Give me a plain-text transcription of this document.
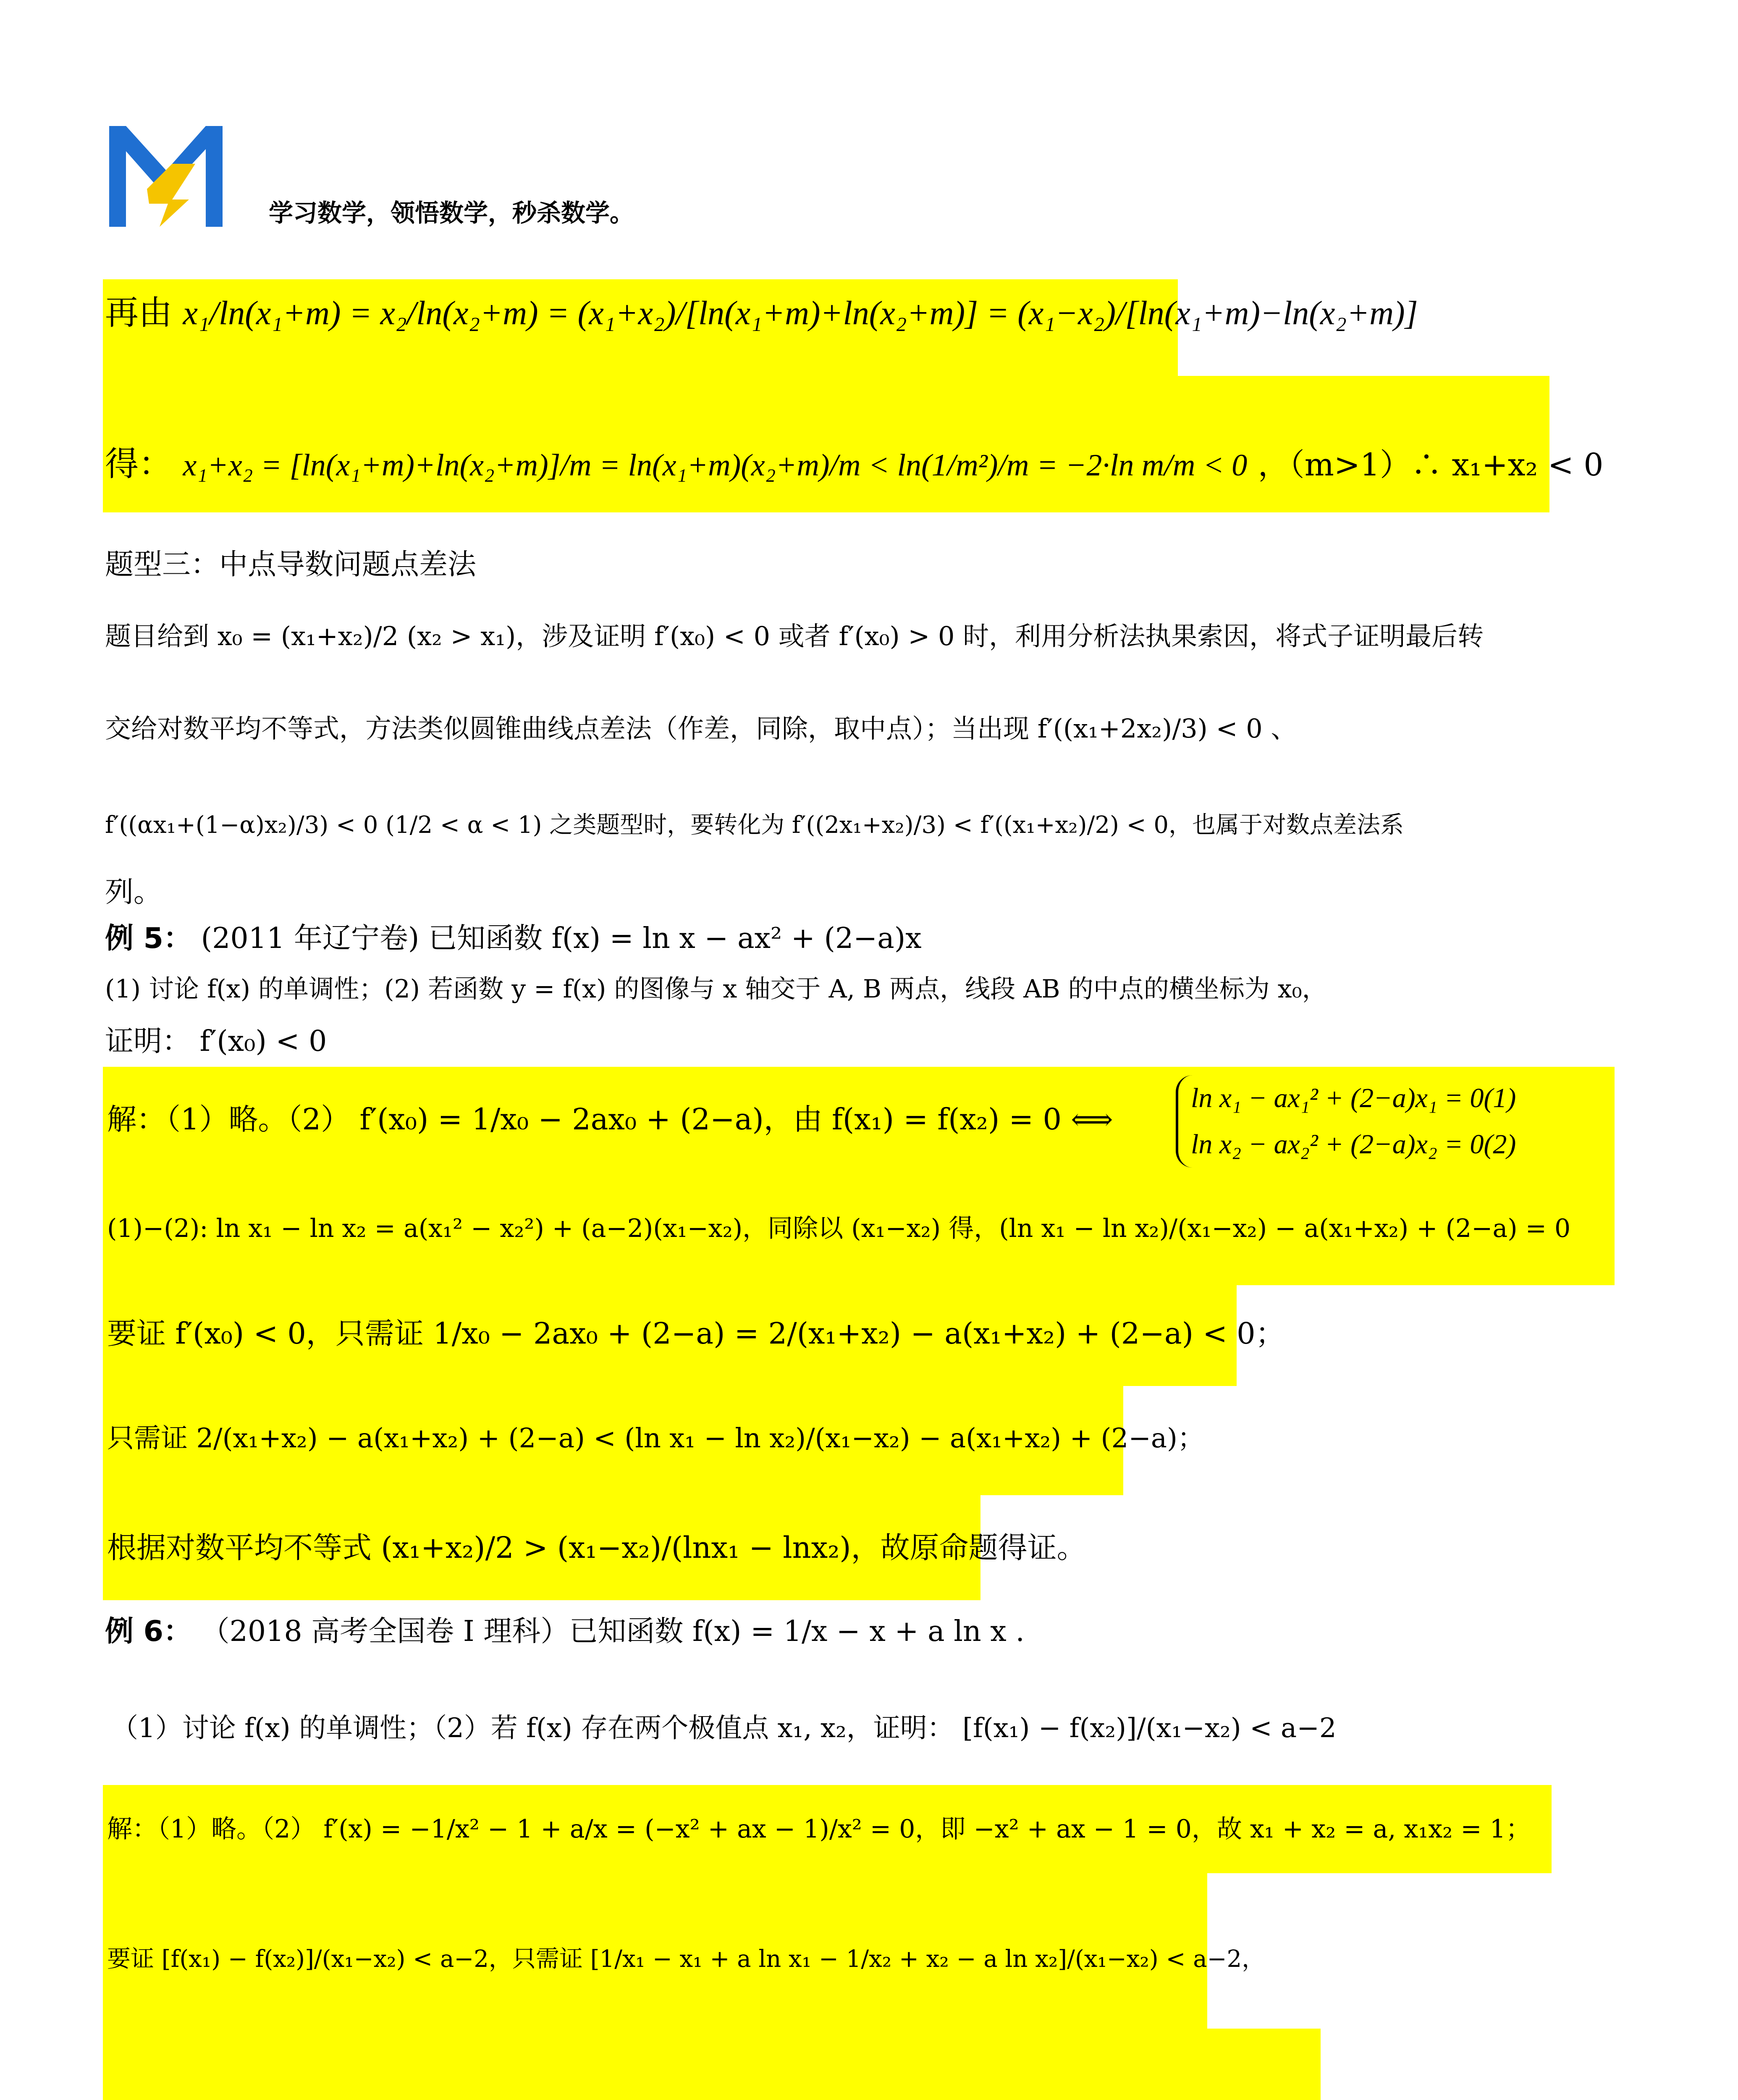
学习数学，领悟数学，秒杀数学。
再由 x₁/ln(x₁+m) = x₂/ln(x₂+m) = (x₁+x₂)/[ln(x₁+m)+ln(x₂+m)] = (x₁−x₂)/[ln(x₁+m)−ln(x₂+m)]
得： x₁+x₂ = [ln(x₁+m)+ln(x₂+m)]/m = ln(x₁+m)(x₂+m)/m < ln(1/m²)/m = −2·ln m/m < 0 ，（m>1）∴ x₁+x₂ < 0
题型三：中点导数问题点差法
题目给到 x₀ = (x₁+x₂)/2 (x₂ > x₁)，涉及证明 f′(x₀) < 0 或者 f′(x₀) > 0 时，利用分析法执果索因，将式子证明最后转
交给对数平均不等式，方法类似圆锥曲线点差法（作差，同除，取中点）；当出现 f′((x₁+2x₂)/3) < 0 、
f′((αx₁+(1−α)x₂)/3) < 0 (1/2 < α < 1) 之类题型时，要转化为 f′((2x₁+x₂)/3) < f′((x₁+x₂)/2) < 0，也属于对数点差法系
列。
例 5： (2011 年辽宁卷) 已知函数 f(x) = ln x − ax² + (2−a)x
(1) 讨论 f(x) 的单调性；(2) 若函数 y = f(x) 的图像与 x 轴交于 A, B 两点，线段 AB 的中点的横坐标为 x₀，
证明： f′(x₀) < 0
解：（1）略。（2） f′(x₀) = 1/x₀ − 2ax₀ + (2−a)，由 f(x₁) = f(x₂) = 0 ⟺
ln x₁ − ax₁² + (2−a)x₁ = 0(1)
ln x₂ − ax₂² + (2−a)x₂ = 0(2)
(1)−(2): ln x₁ − ln x₂ = a(x₁² − x₂²) + (a−2)(x₁−x₂)，同除以 (x₁−x₂) 得，(ln x₁ − ln x₂)/(x₁−x₂) − a(x₁+x₂) + (2−a) = 0
要证 f′(x₀) < 0，只需证 1/x₀ − 2ax₀ + (2−a) = 2/(x₁+x₂) − a(x₁+x₂) + (2−a) < 0；
只需证 2/(x₁+x₂) − a(x₁+x₂) + (2−a) < (ln x₁ − ln x₂)/(x₁−x₂) − a(x₁+x₂) + (2−a)；
根据对数平均不等式 (x₁+x₂)/2 > (x₁−x₂)/(lnx₁ − lnx₂)，故原命题得证。
例 6： （2018 高考全国卷 I 理科）已知函数 f(x) = 1/x − x + a ln x .
（1）讨论 f(x) 的单调性；（2）若 f(x) 存在两个极值点 x₁, x₂，证明： [f(x₁) − f(x₂)]/(x₁−x₂) < a−2
解：（1）略。（2） f′(x) = −1/x² − 1 + a/x = (−x² + ax − 1)/x² = 0，即 −x² + ax − 1 = 0，故 x₁ + x₂ = a, x₁x₂ = 1；
要证 [f(x₁) − f(x₂)]/(x₁−x₂) < a−2，只需证 [1/x₁ − x₁ + a ln x₁ − 1/x₂ + x₂ − a ln x₂]/(x₁−x₂) < a−2，
